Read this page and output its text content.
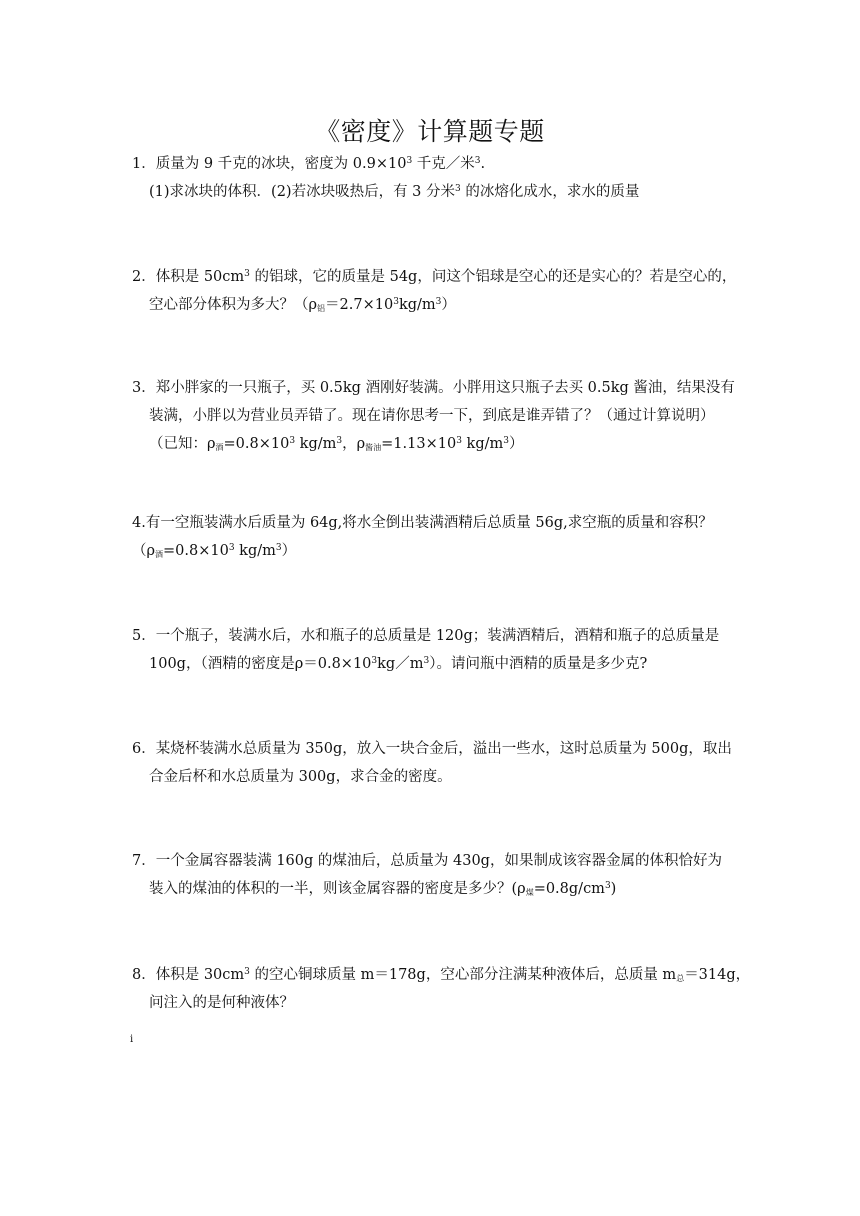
《密度》计算题专题
1．质量为 9 千克的冰块，密度为 $0.9\times 10^3$ 千克／米$^3$.
(1)求冰块的体积．(2)若冰块吸热后，有 3 分米$^3$ 的冰熔化成水，求水的质量
2．体积是 $50cm^3$ 的铝球，它的质量是 54g，问这个铝球是空心的还是实心的？若是空心的，
空心部分体积为多大？$(\rho_铝=2.7\times 10^3kg/m^3)$
3．郑小胖家的一只瓶子，买 0.5kg 酒刚好装满。小胖用这只瓶子去买 0.5kg 酱油，结果没有
装满，小胖以为营业员弄错了。现在请你思考一下，到底是谁弄错了？（通过计算说明）
（已知：$\rho_酒=0.8\times 10^3$ $kg/m^3$，$\rho_{酱油}=1.13\times 10^3$ $kg/m^3$）
4.有一空瓶装满水后质量为 64g,将水全倒出装满酒精后总质量 56g,求空瓶的质量和容积？
（$\rho_酒=0.8\times 10^3$ $kg/m^3$）
5．一个瓶子，装满水后，水和瓶子的总质量是 120g；装满酒精后，酒精和瓶子的总质量是
100g，（酒精的密度是$\rho=0.8\times 10^3kg/m^3$）。请问瓶中酒精的质量是多少克?
6．某烧杯装满水总质量为 350g，放入一块合金后，溢出一些水，这时总质量为 500g，取出
合金后杯和水总质量为 300g，求合金的密度。
7．一个金属容器装满 160g 的煤油后，总质量为 430g，如果制成该容器金属的体积恰好为
装入的煤油的体积的一半，则该金属容器的密度是多少？$(\rho_煤=0.8g/cm^3)$
8．体积是 $30cm^3$ 的空心铜球质量 m＝178g，空心部分注满某种液体后，总质量 $m_总=314g$，
问注入的是何种液体？
i
